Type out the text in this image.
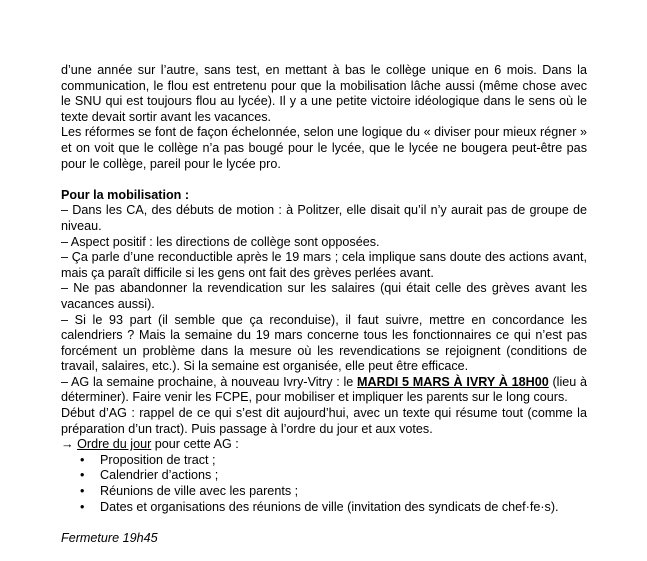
d’une année sur l’autre, sans test, en mettant à bas le collège unique en 6 mois. Dans la communication, le flou est entretenu pour que la mobilisation lâche aussi (même chose avec le SNU qui est toujours flou au lycée). Il y a une petite victoire idéologique dans le sens où le texte devait sortir avant les vacances.

Les réformes se font de façon échelonnée, selon une logique du « diviser pour mieux régner » et on voit que le collège n’a pas bougé pour le lycée, que le lycée ne bougera peut-être pas pour le collège, pareil pour le lycée pro.

Pour la mobilisation :

– Dans les CA, des débuts de motion : à Politzer, elle disait qu’il n’y aurait pas de groupe de niveau.

– Aspect positif : les directions de collège sont opposées.

– Ça parle d’une reconductible après le 19 mars ; cela implique sans doute des actions avant, mais ça paraît difficile si les gens ont fait des grèves perlées avant.

– Ne pas abandonner la revendication sur les salaires (qui était celle des grèves avant les vacances aussi).

– Si le 93 part (il semble que ça reconduise), il faut suivre, mettre en concordance les calendriers ? Mais la semaine du 19 mars concerne tous les fonctionnaires ce qui n’est pas forcément un problème dans la mesure où les revendications se rejoignent (conditions de travail, salaires, etc.). Si la semaine est organisée, elle peut être efficace.

– AG la semaine prochaine, à nouveau Ivry-Vitry : le MARDI 5 MARS À IVRY À 18H00 (lieu à déterminer). Faire venir les FCPE, pour mobiliser et impliquer les parents sur le long cours.

Début d’AG : rappel de ce qui s’est dit aujourd’hui, avec un texte qui résume tout (comme la préparation d’un tract). Puis passage à l’ordre du jour et aux votes.

→ Ordre du jour pour cette AG :

• Proposition de tract ;
• Calendrier d’actions ;
• Réunions de ville avec les parents ;
• Dates et organisations des réunions de ville (invitation des syndicats de chef·fe·s).

Fermeture 19h45
